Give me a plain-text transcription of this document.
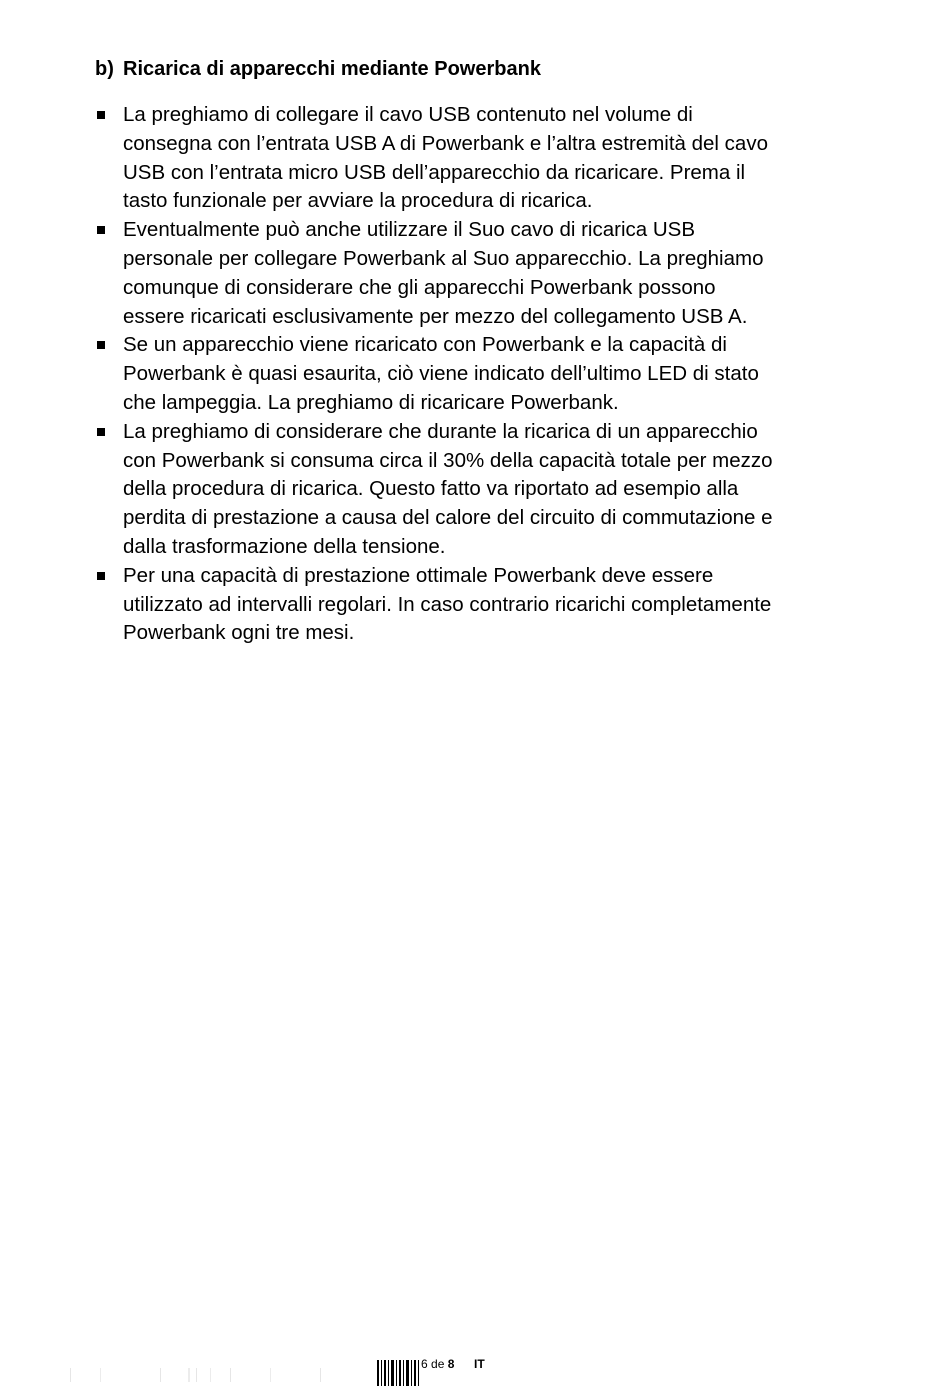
b) Ricarica di apparecchi mediante Powerbank
La preghiamo di collegare il cavo USB contenuto nel volume di consegna con l’entrata USB A di Powerbank e l’altra estremità del cavo USB con l’entrata micro USB dell’apparecchio da ricaricare. Prema il tasto funzionale per avviare la procedura di ricarica.
Eventualmente può anche utilizzare il Suo cavo di ricarica USB personale per collegare Powerbank al Suo apparecchio. La preghiamo comunque di considerare che gli apparecchi Powerbank possono essere ricaricati esclusivamente per mezzo del collegamento USB A.
Se un apparecchio viene ricaricato con Powerbank e la capacità di Powerbank è quasi esaurita, ciò viene indicato dell’ultimo LED di stato che lampeggia. La preghiamo di ricaricare Powerbank.
La preghiamo di considerare che durante la ricarica di un apparecchio con Powerbank si consuma circa il 30% della capacità totale per mezzo della procedura di ricarica. Questo fatto va riportato ad esempio alla perdita di prestazione a causa del calore del circuito di commutazione e dalla trasformazione della tensione.
Per una capacità di prestazione ottimale Powerbank deve essere utilizzato ad intervalli regolari. In caso contrario ricarichi completamente Powerbank ogni tre mesi.
6 de 8 IT
